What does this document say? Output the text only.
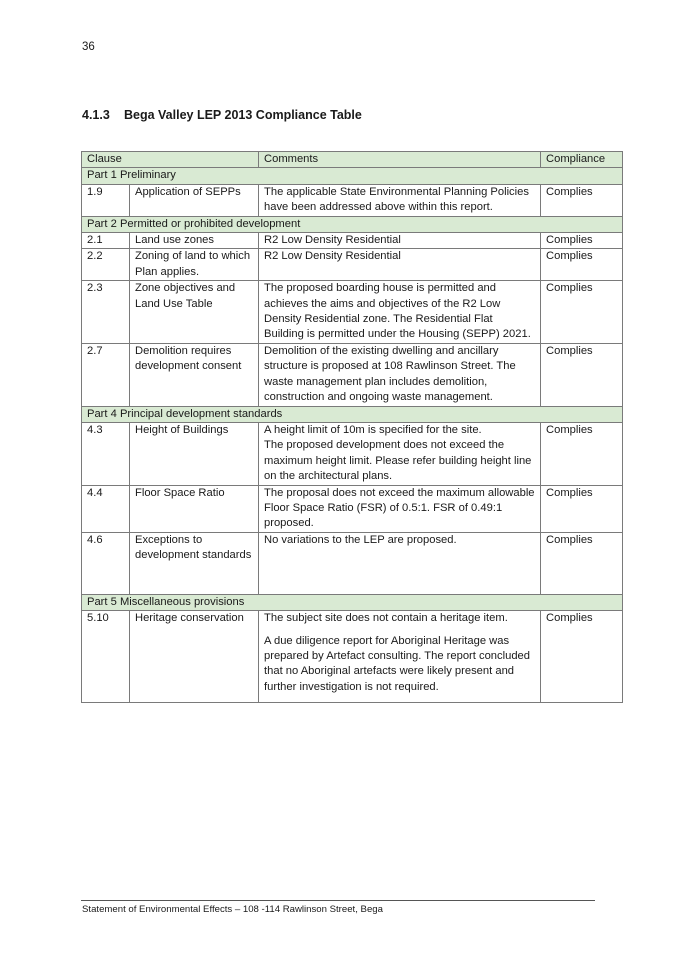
36
4.1.3 Bega Valley LEP 2013 Compliance Table
Clause		Comments	Compliance
Part 1 Preliminary			
1.9	Application of SEPPs	The applicable State Environmental Planning Policies have been addressed above within this report.	Complies
Part 2 Permitted or prohibited development			
2.1	Land use zones	R2 Low Density Residential	Complies
2.2	Zoning of land to which Plan applies.	R2 Low Density Residential	Complies
2.3	Zone objectives and Land Use Table	The proposed boarding house is permitted and achieves the aims and objectives of the R2 Low Density Residential zone. The Residential Flat Building is permitted under the Housing (SEPP) 2021.	Complies
2.7	Demolition requires development consent	Demolition of the existing dwelling and ancillary structure is proposed at 108 Rawlinson Street. The waste management plan includes demolition, construction and ongoing waste management.	Complies
Part 4 Principal development standards			
4.3	Height of Buildings	A height limit of 10m is specified for the site.
The proposed development does not exceed the maximum height limit. Please refer building height line on the architectural plans.	Complies
4.4	Floor Space Ratio	The proposal does not exceed the maximum allowable Floor Space Ratio (FSR) of 0.5:1. FSR of 0.49:1 proposed.	Complies
4.6	Exceptions to development standards	No variations to the LEP are proposed.	Complies
Part 5 Miscellaneous provisions			
5.10	Heritage conservation	The subject site does not contain a heritage item.
A due diligence report for Aboriginal Heritage was prepared by Artefact consulting. The report concluded that no Aboriginal artefacts were likely present and further investigation is not required.	Complies
Statement of Environmental Effects – 108 -114 Rawlinson Street, Bega
